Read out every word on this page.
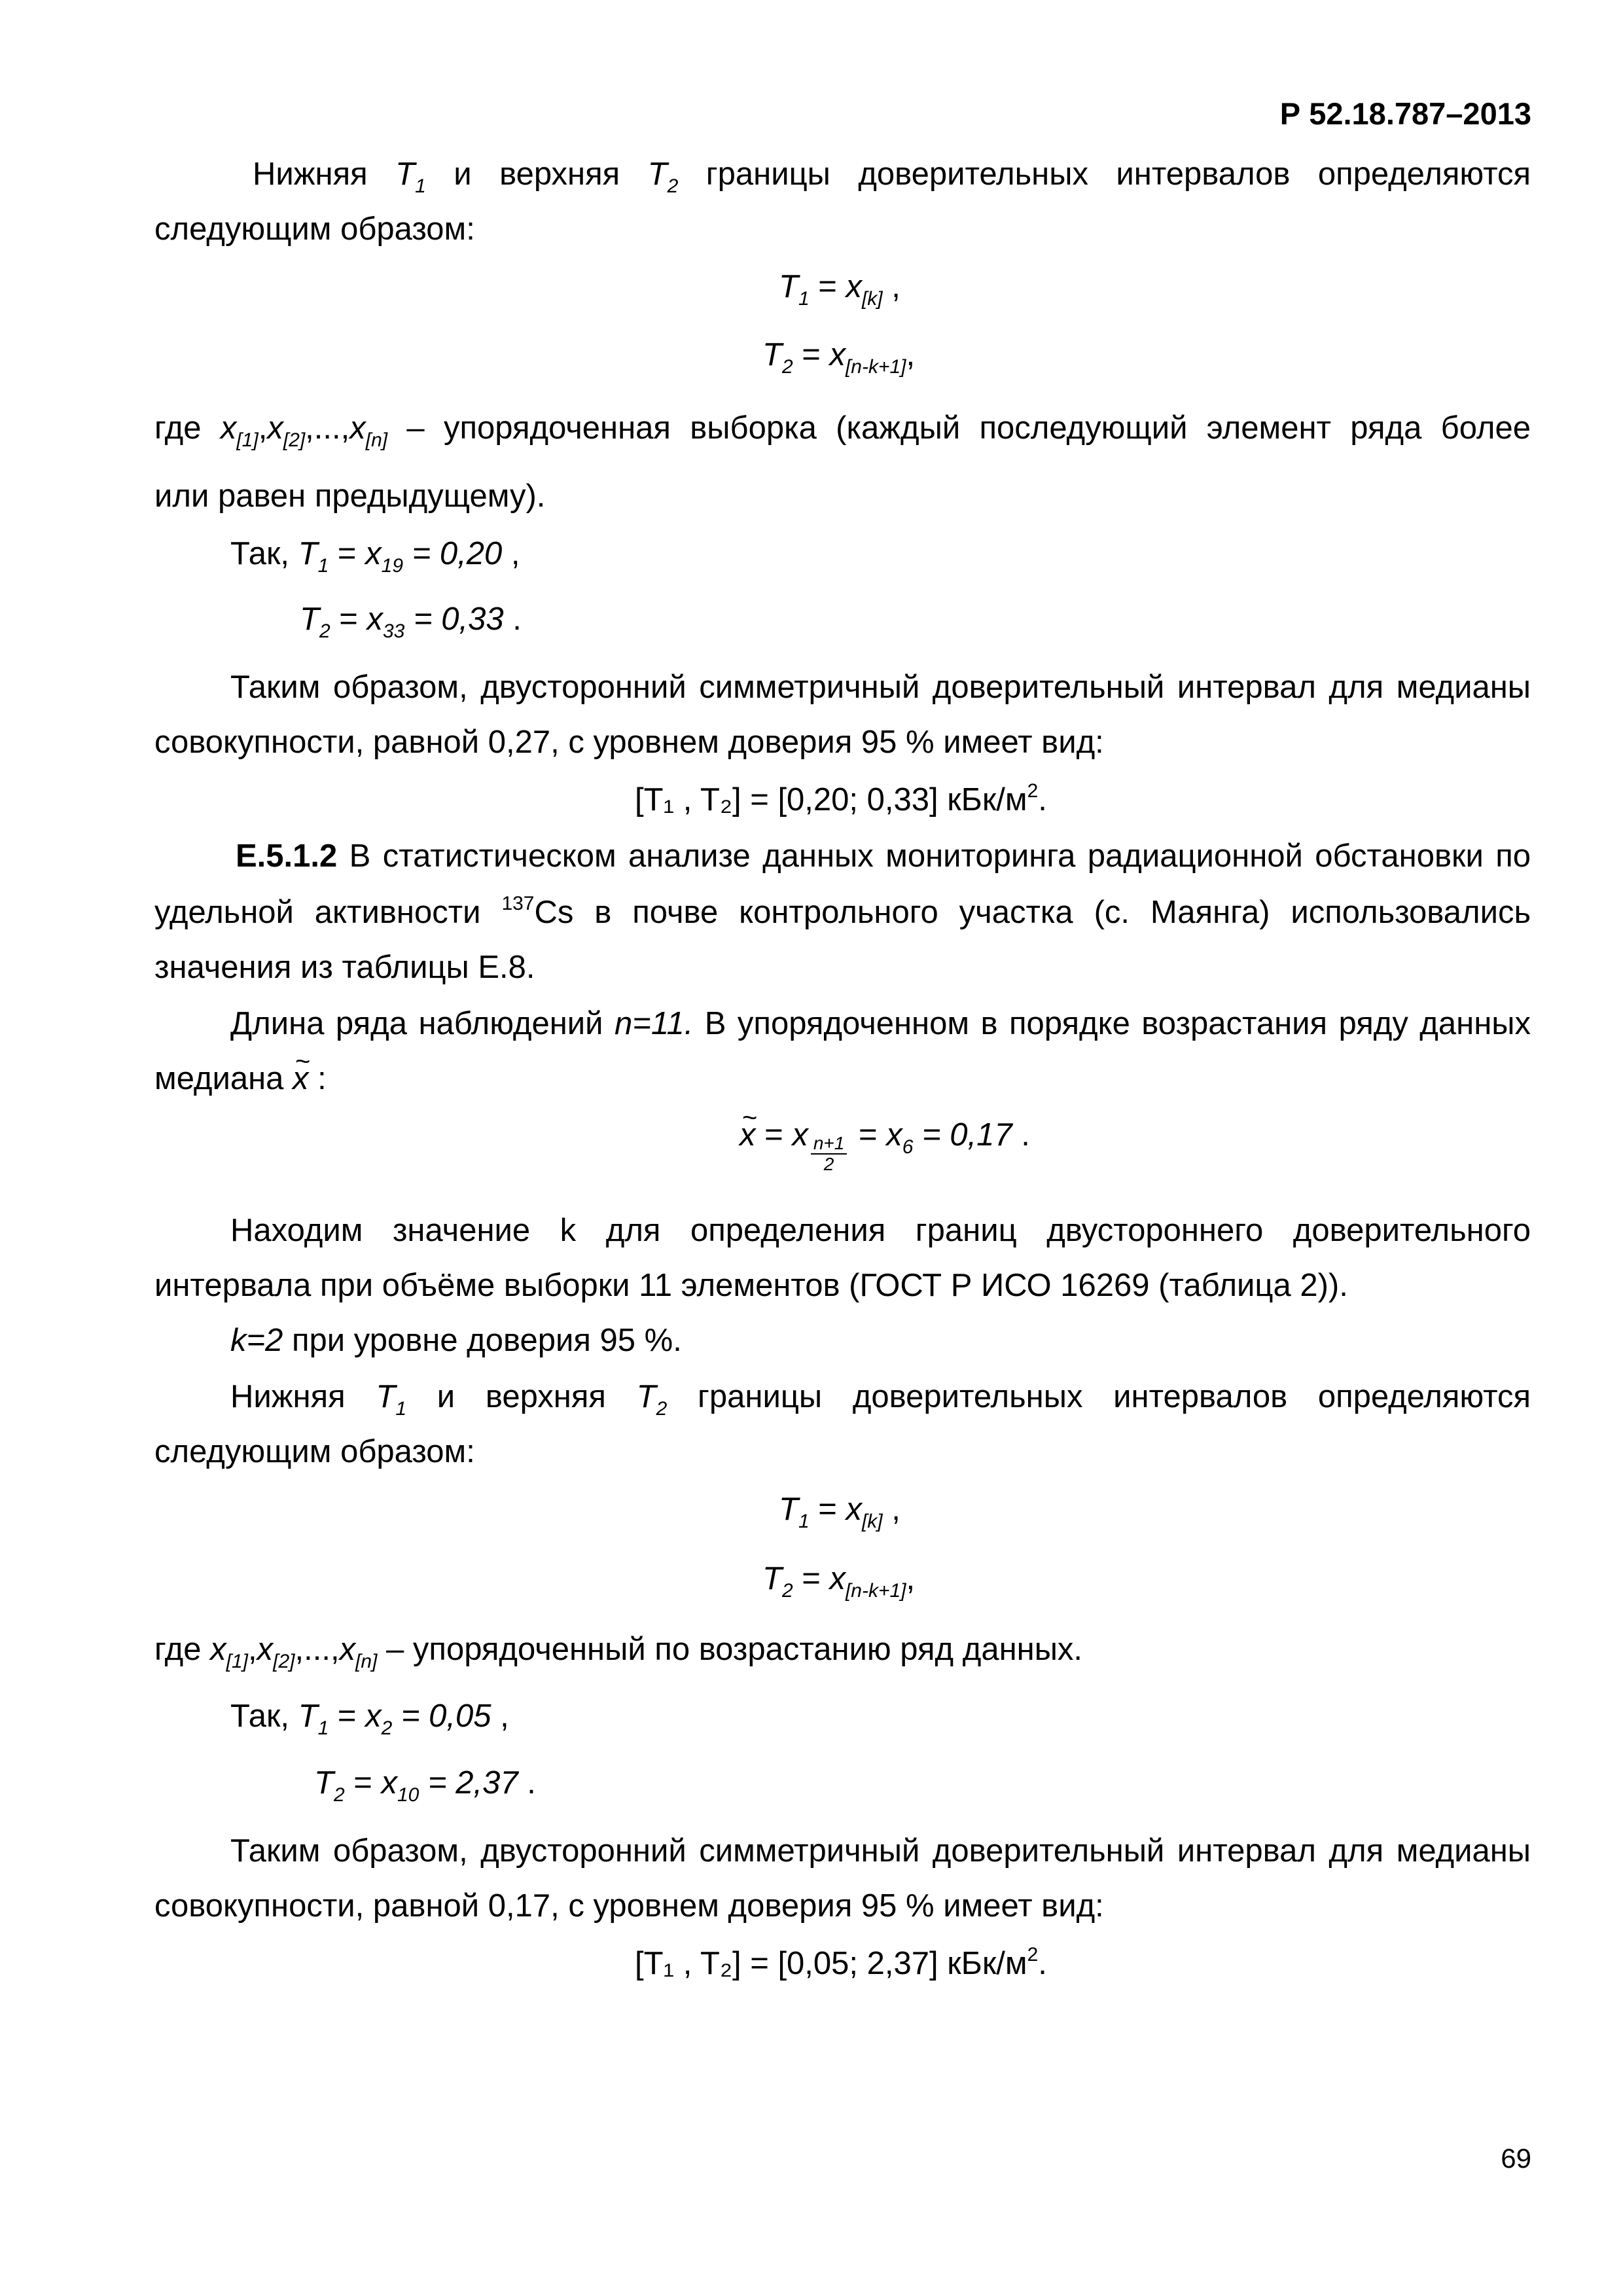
Р 52.18.787–2013
Нижняя $T_1$ и верхняя $T_2$ границы доверительных интервалов определяются
следующим образом:
$T_1 = x_{[k]}$ ,
$T_2 = x_{[n-k+1]}$,
где $x_{[1]},x_{[2]},...,x_{[n]}$ – упорядоченная выборка (каждый последующий элемент ряда более
или равен предыдущему).
Так, $T_1 = x_{19} = 0,20$ ,
$T_2 = x_{33} = 0,33$ .
Таким образом, двусторонний симметричный доверительный интервал для медианы
совокупности, равной 0,27, с уровнем доверия 95 % имеет вид:
[T₁ , T₂] = [0,20; 0,33] кБк/$м^2$.
Е.5.1.2 В статистическом анализе данных мониторинга радиационной обстановки по
удельной активности $^{137}$Cs в почве контрольного участка (с. Маянга) использовались
значения из таблицы Е.8.
Длина ряда наблюдений n=11. В упорядоченном в порядке возрастания ряду данных
медиана ~ x :
~ x = x $\frac{n+1}{2} = x_6 = 0,17$ .
Находим значение k для определения границ двустороннего доверительного
интервала при объёме выборки 11 элементов (ГОСТ Р ИСО 16269 (таблица 2)).
k=2 при уровне доверия 95 %.
Нижняя $T_1$ и верхняя $T_2$ границы доверительных интервалов определяются
следующим образом:
$T_1 = x_{[k]}$ ,
$T_2 = x_{[n-k+1]}$,
где $x_{[1]},x_{[2]},...,x_{[n]}$ – упорядоченный по возрастанию ряд данных.
Так, $T_1 = x_2 = 0,05$ ,
$T_2 = x_{10} = 2,37$ .
Таким образом, двусторонний симметричный доверительный интервал для медианы
совокупности, равной 0,17, с уровнем доверия 95 % имеет вид:
[T₁ , T₂] = [0,05; 2,37] кБк/$м^2$.
69
